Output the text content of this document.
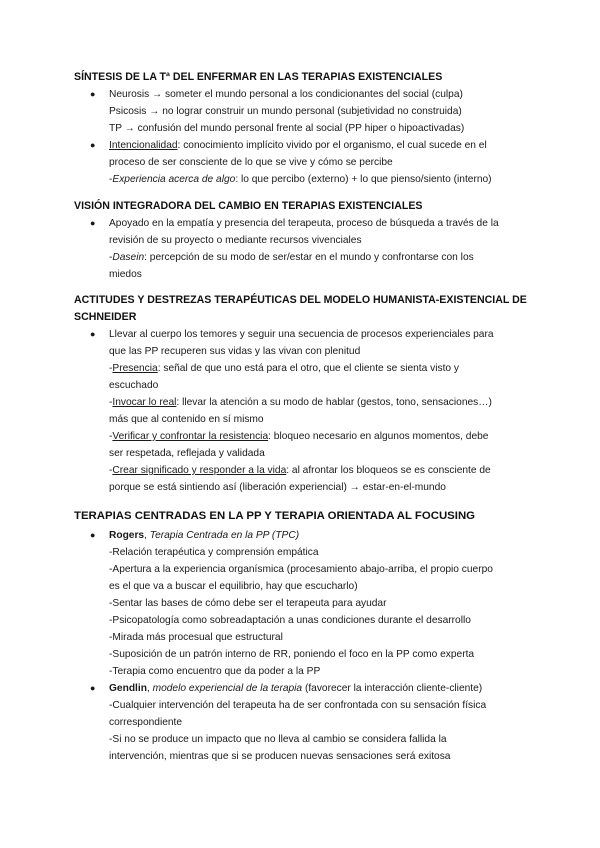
SÍNTESIS DE LA Tª DEL ENFERMAR EN LAS TERAPIAS EXISTENCIALES
● Neurosis → someter el mundo personal a los condicionantes del social (culpa)
Psicosis → no lograr construir un mundo personal (subjetividad no construida)
TP → confusión del mundo personal frente al social (PP hiper o hipoactivadas)
● Intencionalidad: conocimiento implícito vivido por el organismo, el cual sucede en el
proceso de ser consciente de lo que se vive y cómo se percibe
-Experiencia acerca de algo: lo que percibo (externo) + lo que pienso/siento (interno)
VISIÓN INTEGRADORA DEL CAMBIO EN TERAPIAS EXISTENCIALES
● Apoyado en la empatía y presencia del terapeuta, proceso de búsqueda a través de la
revisión de su proyecto o mediante recursos vivenciales
-Dasein: percepción de su modo de ser/estar en el mundo y confrontarse con los
miedos
ACTITUDES Y DESTREZAS TERAPÉUTICAS DEL MODELO HUMANISTA-EXISTENCIAL DE
SCHNEIDER
● Llevar al cuerpo los temores y seguir una secuencia de procesos experienciales para
que las PP recuperen sus vidas y las vivan con plenitud
-Presencia: señal de que uno está para el otro, que el cliente se sienta visto y
escuchado
-Invocar lo real: llevar la atención a su modo de hablar (gestos, tono, sensaciones…)
más que al contenido en sí mismo
-Verificar y confrontar la resistencia: bloqueo necesario en algunos momentos, debe
ser respetada, reflejada y validada
-Crear significado y responder a la vida: al afrontar los bloqueos se es consciente de
porque se está sintiendo así (liberación experiencial) → estar-en-el-mundo
TERAPIAS CENTRADAS EN LA PP Y TERAPIA ORIENTADA AL FOCUSING
● Rogers, Terapia Centrada en la PP (TPC)
-Relación terapéutica y comprensión empática
-Apertura a la experiencia organísmica (procesamiento abajo-arriba, el propio cuerpo
es el que va a buscar el equilibrio, hay que escucharlo)
-Sentar las bases de cómo debe ser el terapeuta para ayudar
-Psicopatología como sobreadaptación a unas condiciones durante el desarrollo
-Mirada más procesual que estructural
-Suposición de un patrón interno de RR, poniendo el foco en la PP como experta
-Terapia como encuentro que da poder a la PP
● Gendlin, modelo experiencial de la terapia (favorecer la interacción cliente-cliente)
-Cualquier intervención del terapeuta ha de ser confrontada con su sensación física
correspondiente
-Si no se produce un impacto que no lleva al cambio se considera fallida la
intervención, mientras que si se producen nuevas sensaciones será exitosa
